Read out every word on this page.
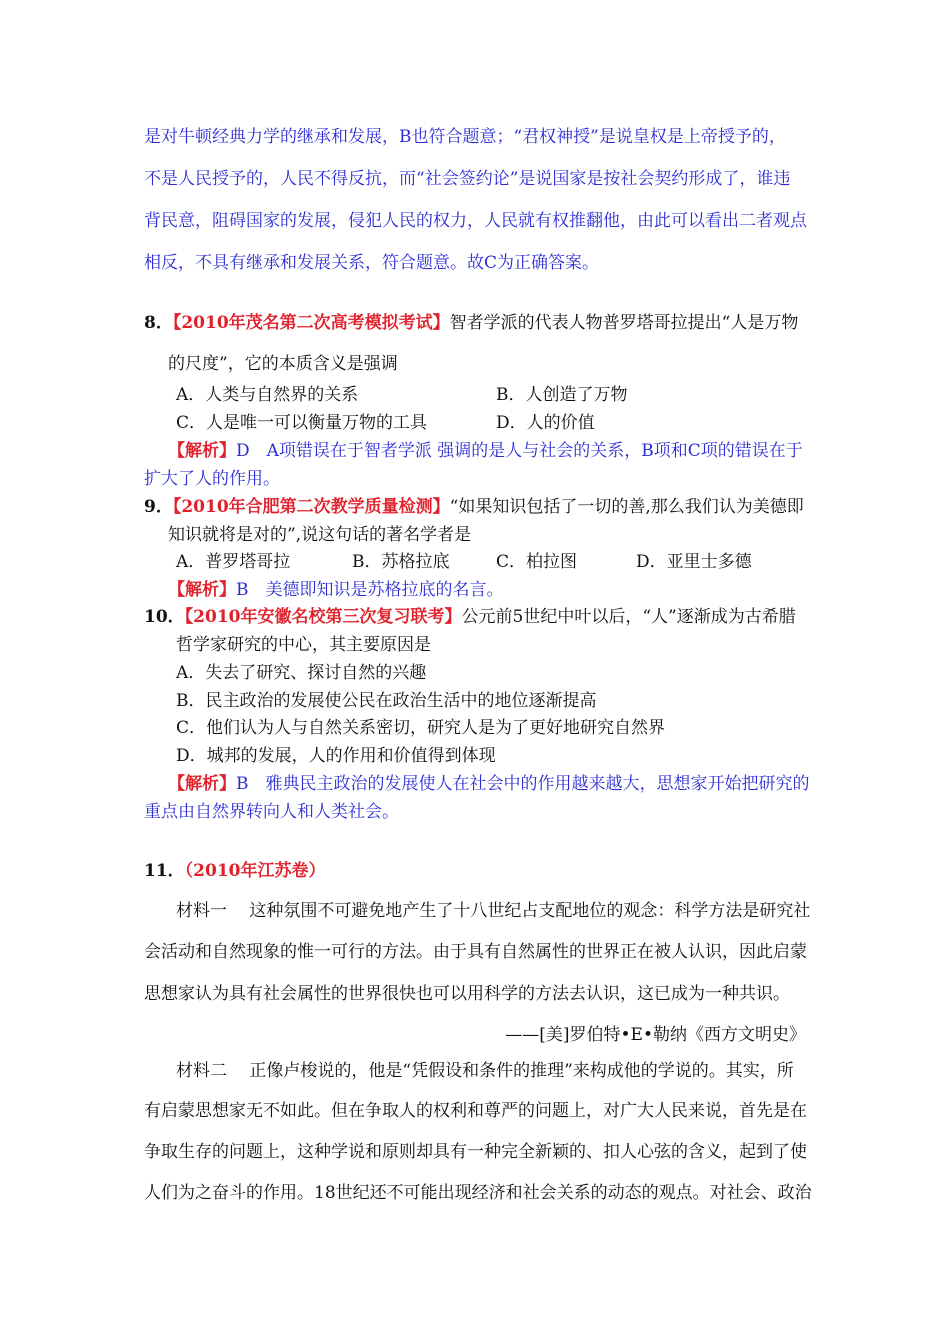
是对牛顿经典力学的继承和发展，B也符合题意；“君权神授”是说皇权是上帝授予的，
不是人民授予的，人民不得反抗，而“社会签约论”是说国家是按社会契约形成了，谁违
背民意，阻碍国家的发展，侵犯人民的权力，人民就有权推翻他，由此可以看出二者观点
相反，不具有继承和发展关系，符合题意。故C为正确答案。
8．【2010年茂名第二次高考模拟考试】智者学派的代表人物普罗塔哥拉提出“人是万物
的尺度”，它的本质含义是强调
A．人类与自然界的关系	B．人创造了万物
C．人是唯一可以衡量万物的工具	D．人的价值
【解析】D　A项错误在于智者学派 强调的是人与社会的关系，B项和C项的错误在于
扩大了人的作用。
9．【2010年合肥第二次教学质量检测】“如果知识包括了一切的善,那么我们认为美德即
知识就将是对的”,说这句话的著名学者是
A．普罗塔哥拉	B．苏格拉底	C．柏拉图	D．亚里士多德
【解析】B　美德即知识是苏格拉底的名言。
10．【2010年安徽名校第三次复习联考】公元前5世纪中叶以后，“人”逐渐成为古希腊
哲学家研究的中心，其主要原因是
A．失去了研究、探讨自然的兴趣
B．民主政治的发展使公民在政治生活中的地位逐渐提高
C．他们认为人与自然关系密切，研究人是为了更好地研究自然界
D．城邦的发展，人的作用和价值得到体现
【解析】B　雅典民主政治的发展使人在社会中的作用越来越大，思想家开始把研究的
重点由自然界转向人和人类社会。
11．（2010年江苏卷）
材料一　 这种氛围不可避免地产生了十八世纪占支配地位的观念：科学方法是研究社
会活动和自然现象的惟一可行的方法。由于具有自然属性的世界正在被人认识，因此启蒙
思想家认为具有社会属性的世界很快也可以用科学的方法去认识，这已成为一种共识。
——[美]罗伯特•E•勒纳《西方文明史》
材料二　 正像卢梭说的，他是“凭假设和条件的推理”来构成他的学说的。其实，所
有启蒙思想家无不如此。但在争取人的权利和尊严的问题上，对广大人民来说，首先是在
争取生存的问题上，这种学说和原则却具有一种完全新颖的、扣人心弦的含义，起到了使
人们为之奋斗的作用。18世纪还不可能出现经济和社会关系的动态的观点。对社会、政治
